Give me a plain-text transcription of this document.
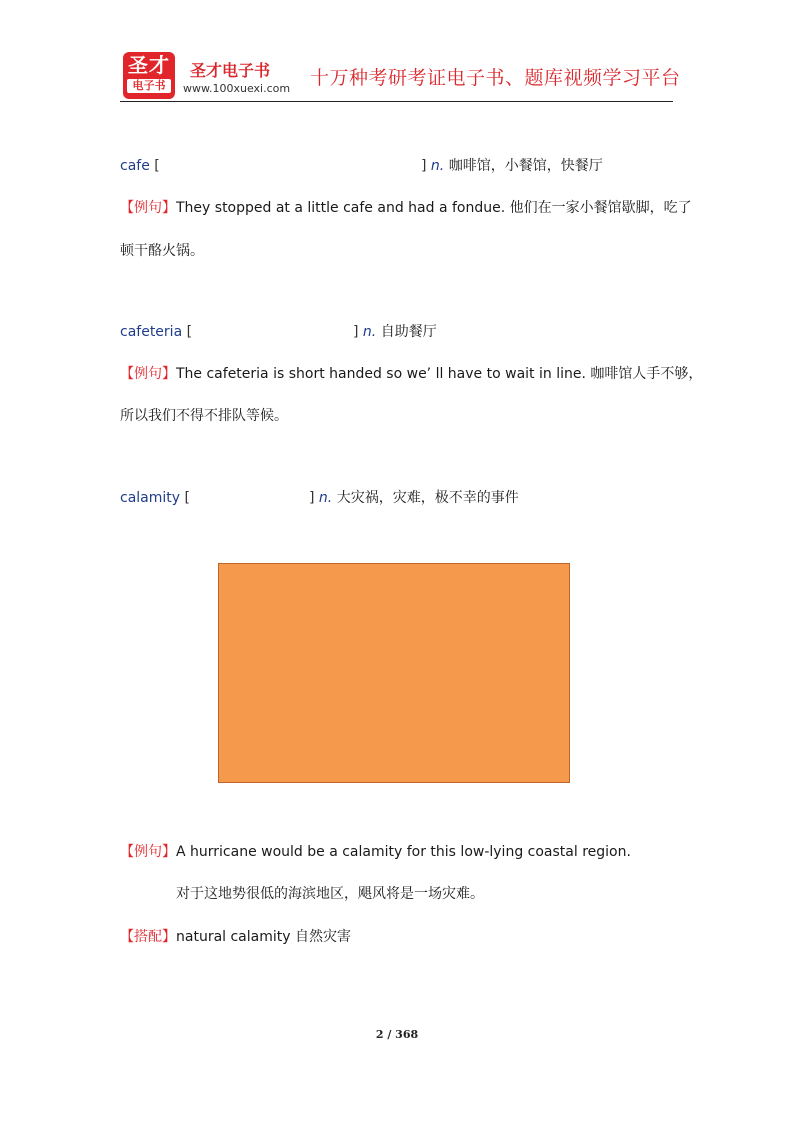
圣才
电子书
圣才电子书
www.100xuexi.com 十万种考研考证电子书、题库视频学习平台
cafe [	] n. 咖啡馆，小餐馆，快餐厅
【例句】They stopped at a little cafe and had a fondue. 他们在一家小餐馆歇脚，吃了
顿干酪火锅。
cafeteria [	] n. 自助餐厅
【例句】The cafeteria is short handed so we’ ll have to wait in line. 咖啡馆人手不够，
所以我们不得不排队等候。
calamity [	] n. 大灾祸，灾难，极不幸的事件
【例句】A hurricane would be a calamity for this low-lying coastal region.
对于这地势很低的海滨地区，飓风将是一场灾难。
【搭配】natural calamity 自然灾害
2 / 368
